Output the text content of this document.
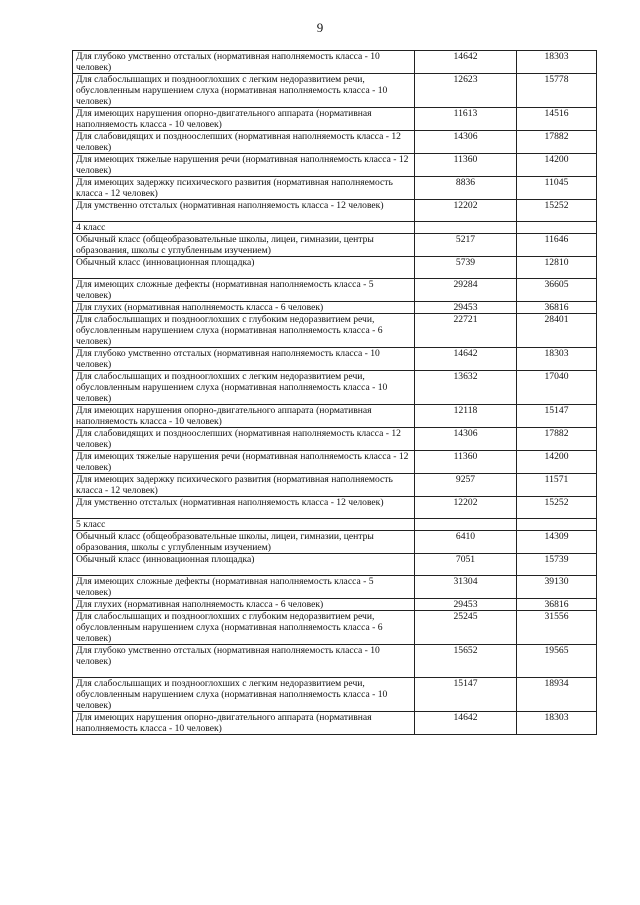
9
Для глубоко умственно отсталых (нормативная наполняемость класса - 10 человек)	14642	18303
Для слабослышащих и позднооглохших с легким недоразвитием речи, обусловленным нарушением слуха (нормативная наполняемость класса - 10 человек)	12623	15778
Для имеющих нарушения опорно-двигательного аппарата (нормативная наполняемость класса - 10 человек)	11613	14516
Для слабовидящих и поздноослепших (нормативная наполняемость класса - 12 человек)	14306	17882
Для имеющих тяжелые нарушения речи (нормативная наполняемость класса - 12 человек)	11360	14200
Для имеющих задержку психического развития (нормативная наполняемость класса - 12 человек)	8836	11045
Для умственно отсталых (нормативная наполняемость класса - 12 человек)	12202	15252
4 класс		
Обычный класс (общеобразовательные школы, лицеи, гимназии, центры образования, школы с углубленным изучением)	5217	11646
Обычный класс (инновационная площадка)	5739	12810
Для имеющих сложные дефекты (нормативная наполняемость класса - 5 человек)	29284	36605
Для глухих (нормативная наполняемость класса - 6 человек)	29453	36816
Для слабослышащих и позднооглохших с глубоким недоразвитием речи, обусловленным нарушением слуха (нормативная наполняемость класса - 6 человек)	22721	28401
Для глубоко умственно отсталых (нормативная наполняемость класса - 10 человек)	14642	18303
Для слабослышащих и позднооглохших с легким недоразвитием речи, обусловленным нарушением слуха (нормативная наполняемость класса - 10 человек)	13632	17040
Для имеющих нарушения опорно-двигательного аппарата (нормативная наполняемость класса - 10 человек)	12118	15147
Для слабовидящих и поздноослепших (нормативная наполняемость класса - 12 человек)	14306	17882
Для имеющих тяжелые нарушения речи (нормативная наполняемость класса - 12 человек)	11360	14200
Для имеющих задержку психического развития (нормативная наполняемость класса - 12 человек)	9257	11571
Для умственно отсталых (нормативная наполняемость класса - 12 человек)	12202	15252
5 класс		
Обычный класс (общеобразовательные школы, лицеи, гимназии, центры образования, школы с углубленным изучением)	6410	14309
Обычный класс (инновационная площадка)	7051	15739
Для имеющих сложные дефекты (нормативная наполняемость класса - 5 человек)	31304	39130
Для глухих (нормативная наполняемость класса - 6 человек)	29453	36816
Для слабослышащих и позднооглохших с глубоким недоразвитием речи, обусловленным нарушением слуха (нормативная наполняемость класса - 6 человек)	25245	31556
Для глубоко умственно отсталых (нормативная наполняемость класса - 10 человек)	15652	19565
Для слабослышащих и позднооглохших с легким недоразвитием речи, обусловленным нарушением слуха (нормативная наполняемость класса - 10 человек)	15147	18934
Для имеющих нарушения опорно-двигательного аппарата (нормативная наполняемость класса - 10 человек)	14642	18303
